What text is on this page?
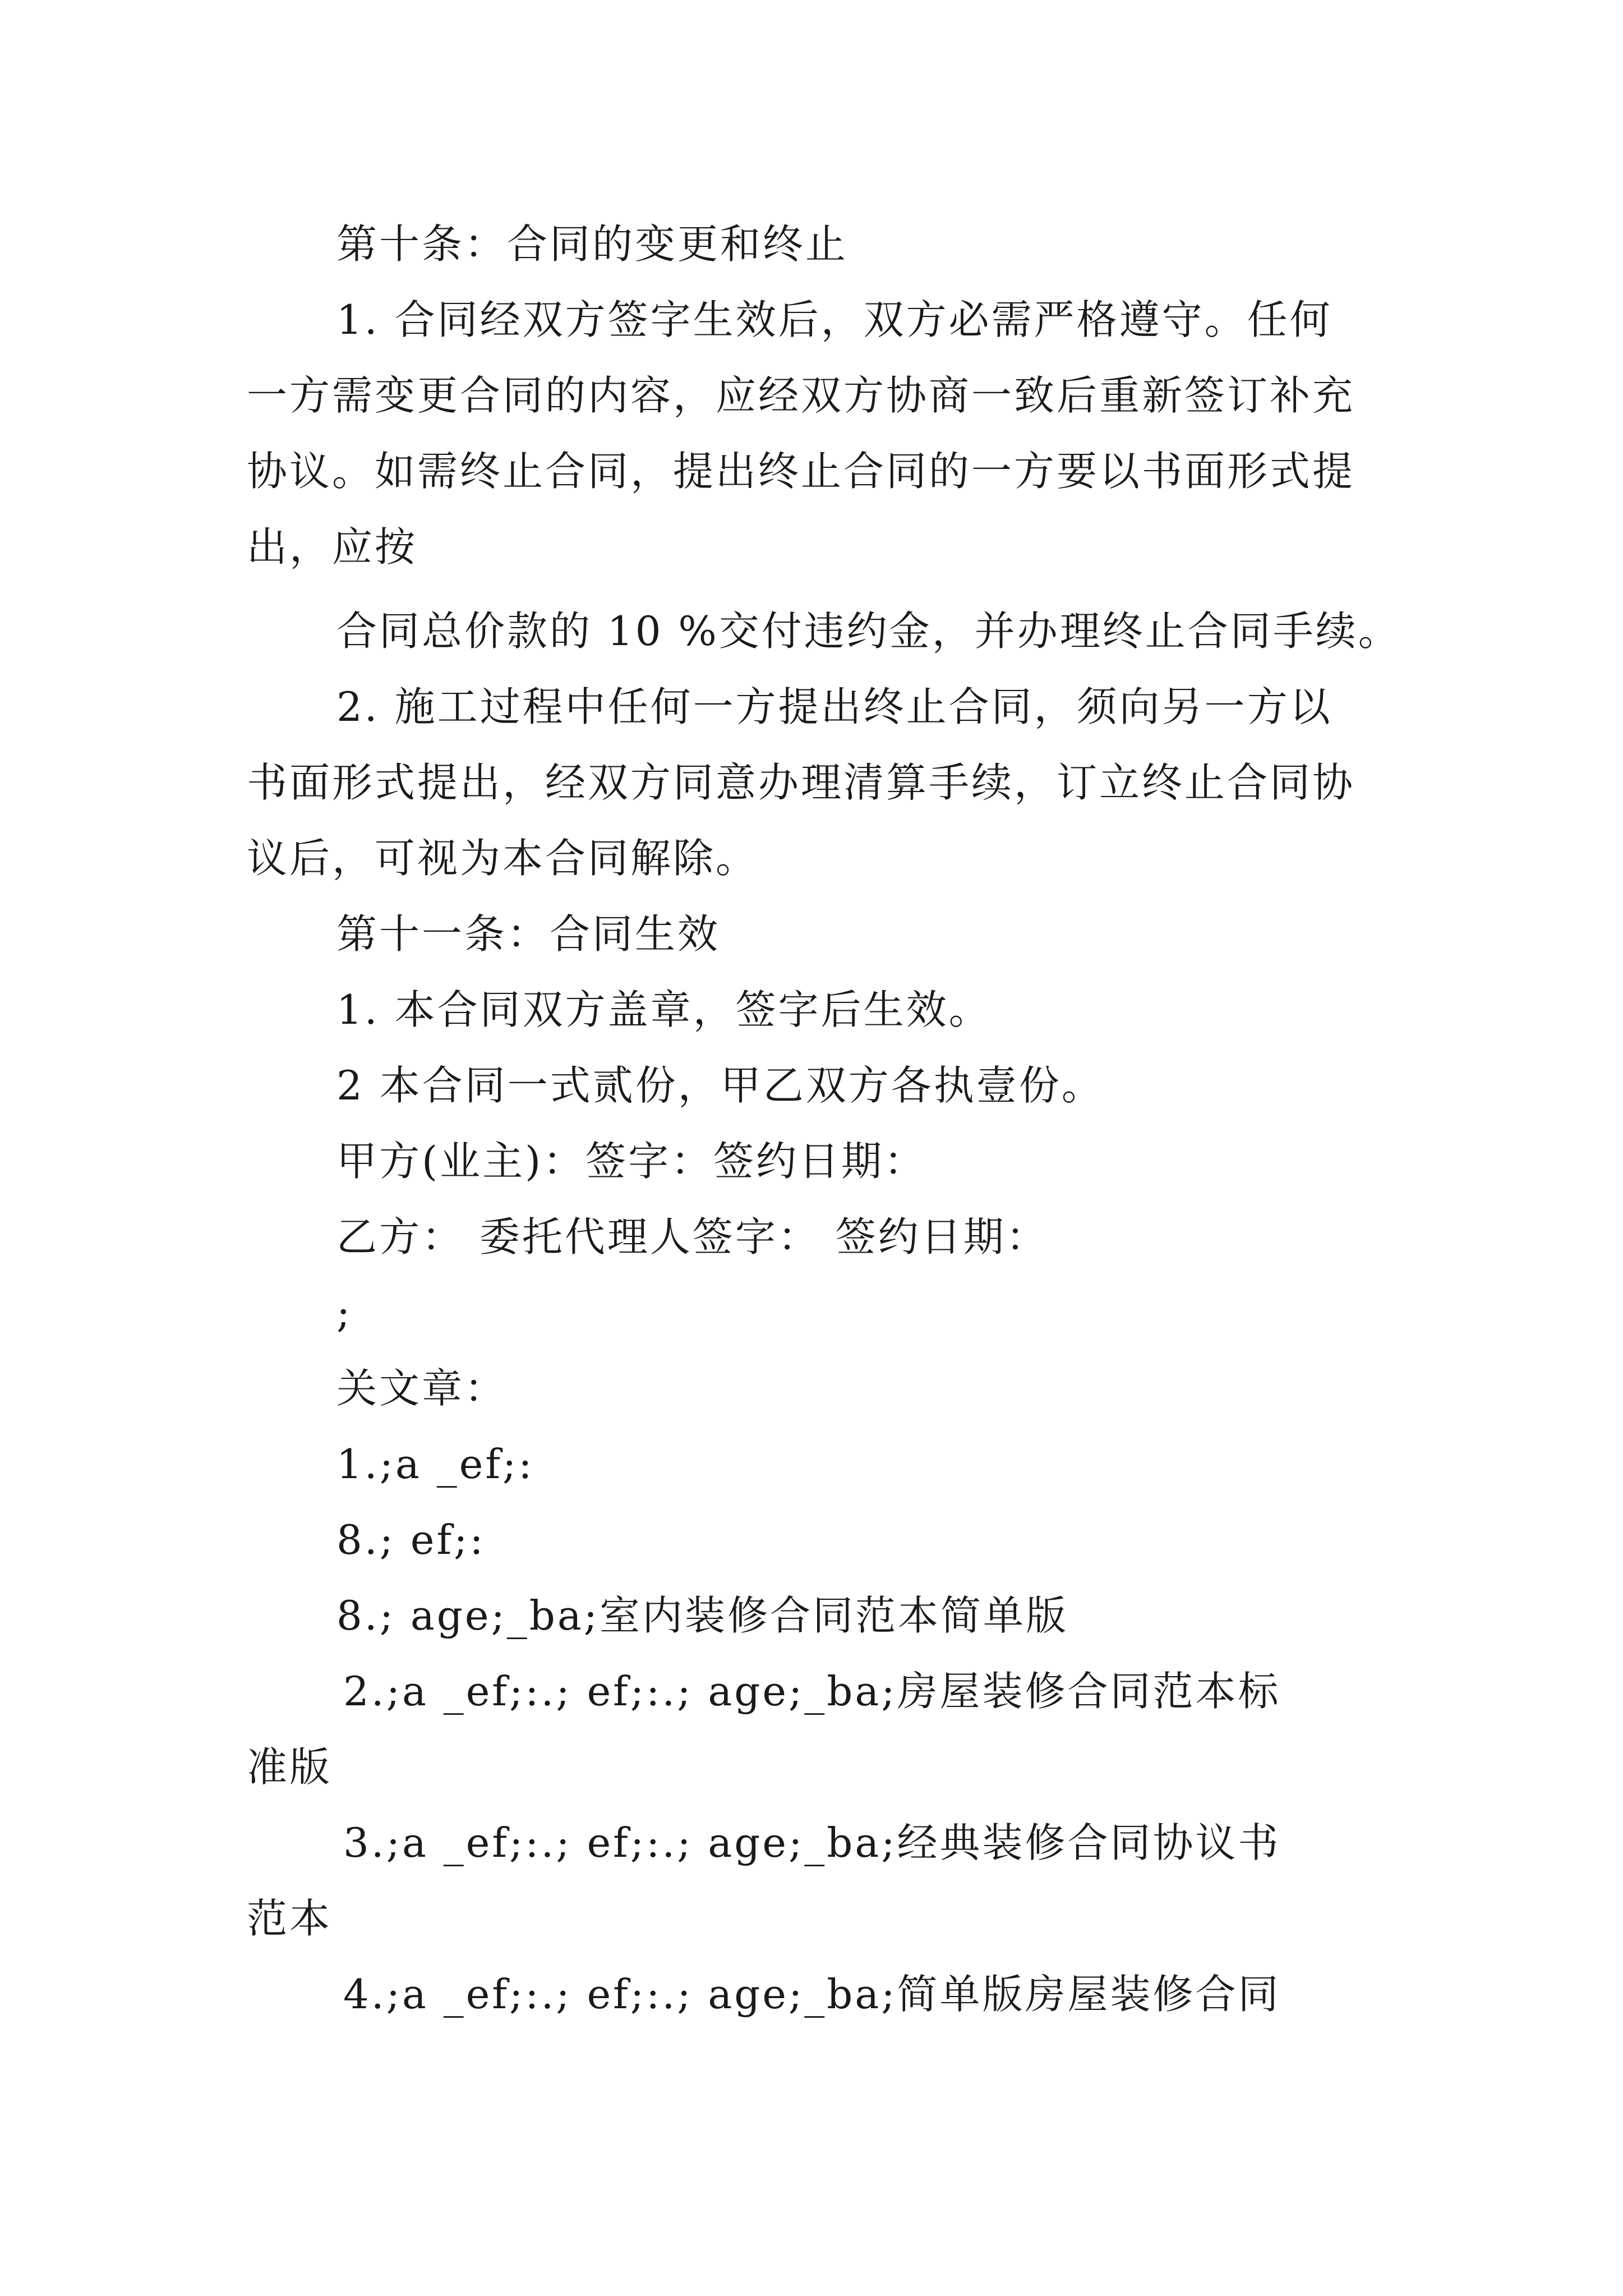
第十条：合同的变更和终止
1. 合同经双方签字生效后，双方必需严格遵守。任何
一方需变更合同的内容，应经双方协商一致后重新签订补充
协议。如需终止合同，提出终止合同的一方要以书面形式提
出，应按
合同总价款的 10 %交付违约金，并办理终止合同手续。
2. 施工过程中任何一方提出终止合同，须向另一方以
书面形式提出，经双方同意办理清算手续，订立终止合同协
议后，可视为本合同解除。
第十一条：合同生效
1. 本合同双方盖章，签字后生效。
2 本合同一式贰份，甲乙双方各执壹份。
甲方(业主)：签字：签约日期：
乙方： 委托代理人签字： 签约日期：
;
关文章：
1.;a _ef;:
8.; ef;:
8.; age;_ba;室内装修合同范本简单版
2.;a _ef;:.; ef;:.; age;_ba;房屋装修合同范本标
准版
3.;a _ef;:.; ef;:.; age;_ba;经典装修合同协议书
范本
4.;a _ef;:.; ef;:.; age;_ba;简单版房屋装修合同
